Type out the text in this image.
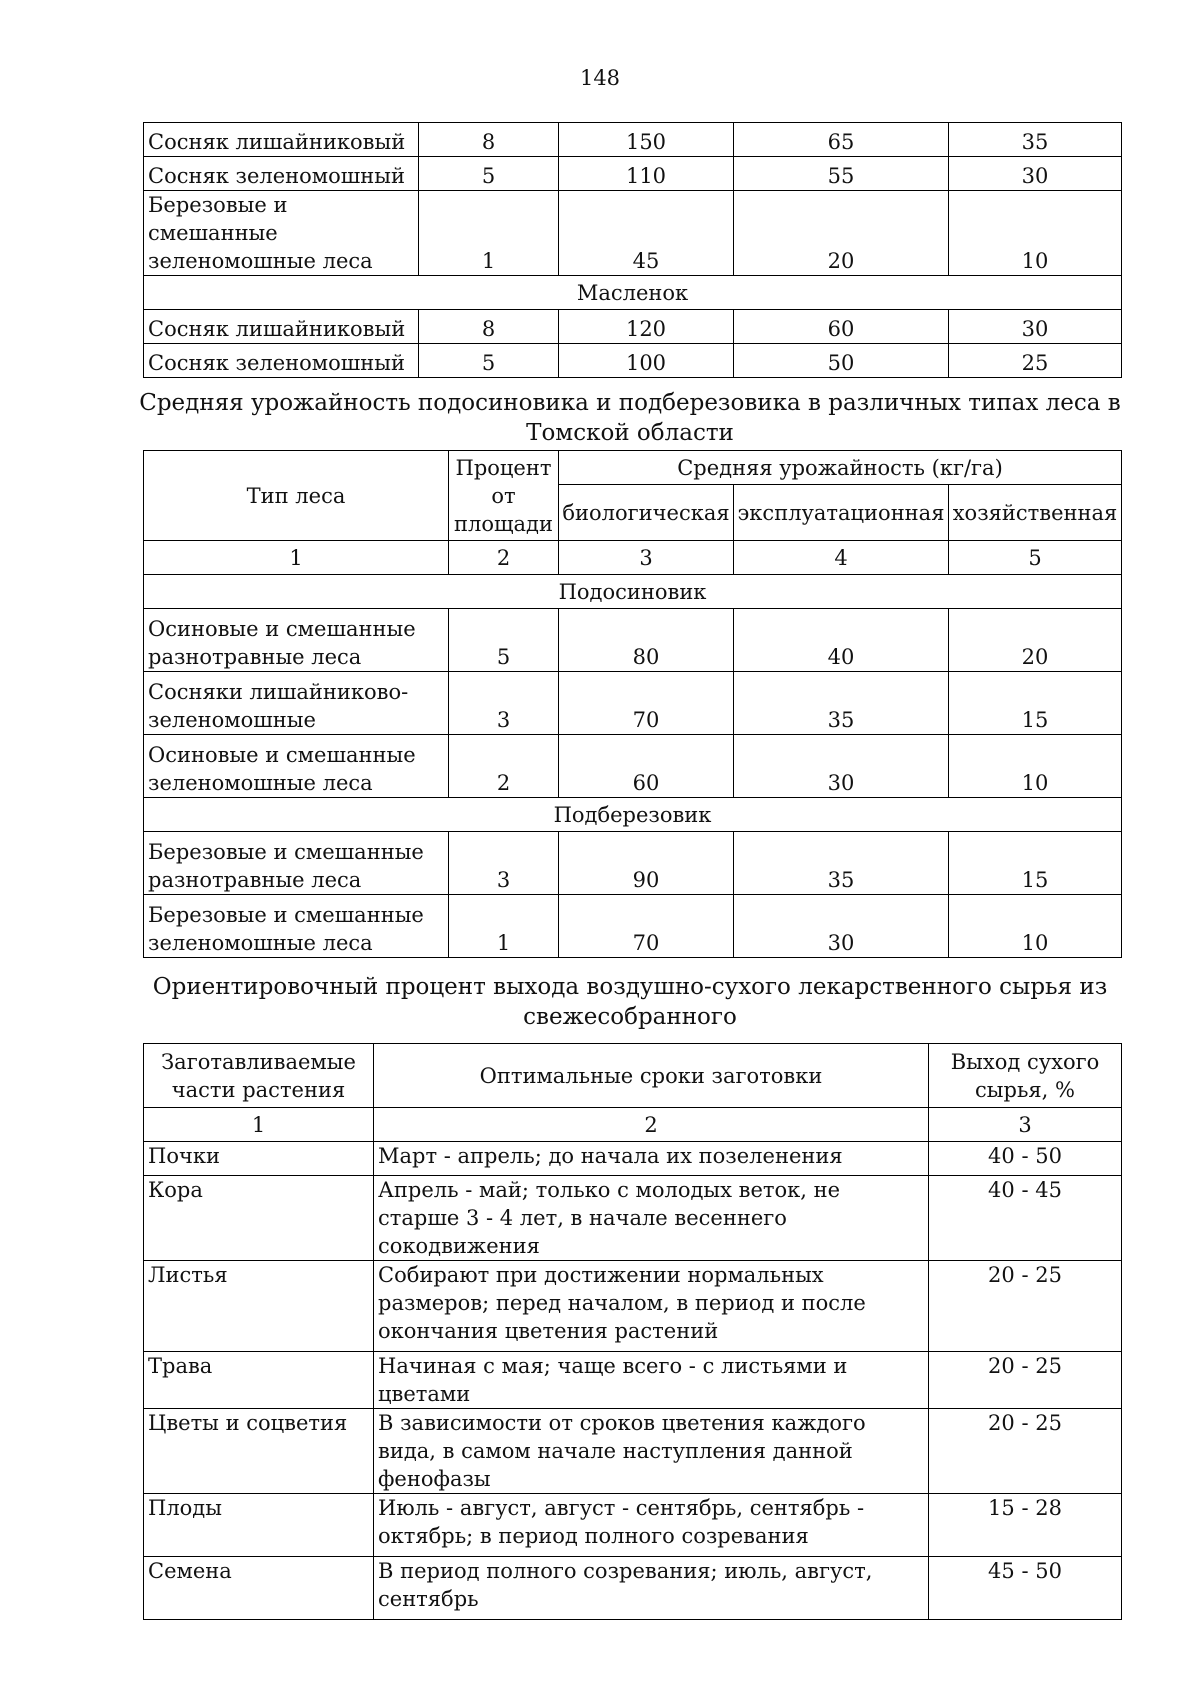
148
Сосняк лишайниковый	8	150	65	35
Сосняк зеленомошный	5	110	55	30
Березовые и смешанные зеленомошные леса	1	45	20	10
Масленок				
Сосняк лишайниковый	8	120	60	30
Сосняк зеленомошный	5	100	50	25
Средняя урожайность подосиновика и подберезовика в различных типах леса в Томской области
Тип леса	Процент от площади	Средняя урожайность (кг/га)		
		биологическая	эксплуатационная	хозяйственная
1	2	3	4	5
Подосиновик				
Осиновые и смешанные разнотравные леса	5	80	40	20
Сосняки лишайниково-зеленомошные	3	70	35	15
Осиновые и смешанные зеленомошные леса	2	60	30	10
Подберезовик				
Березовые и смешанные разнотравные леса	3	90	35	15
Березовые и смешанные зеленомошные леса	1	70	30	10
Ориентировочный процент выхода воздушно-сухого лекарственного сырья из свежесобранного
Заготавливаемые части растения	Оптимальные сроки заготовки	Выход сухого сырья, %
1	2	3
Почки	Март - апрель; до начала их позеленения	40 - 50
Кора	Апрель - май; только с молодых веток, не старше 3 - 4 лет, в начале весеннего сокодвижения	40 - 45
Листья	Собирают при достижении нормальных размеров; перед началом, в период и после окончания цветения растений	20 - 25
Трава	Начиная с мая; чаще всего - с листьями и цветами	20 - 25
Цветы и соцветия	В зависимости от сроков цветения каждого вида, в самом начале наступления данной фенофазы	20 - 25
Плоды	Июль - август, август - сентябрь, сентябрь - октябрь; в период полного созревания	15 - 28
Семена	В период полного созревания; июль, август, сентябрь	45 - 50
